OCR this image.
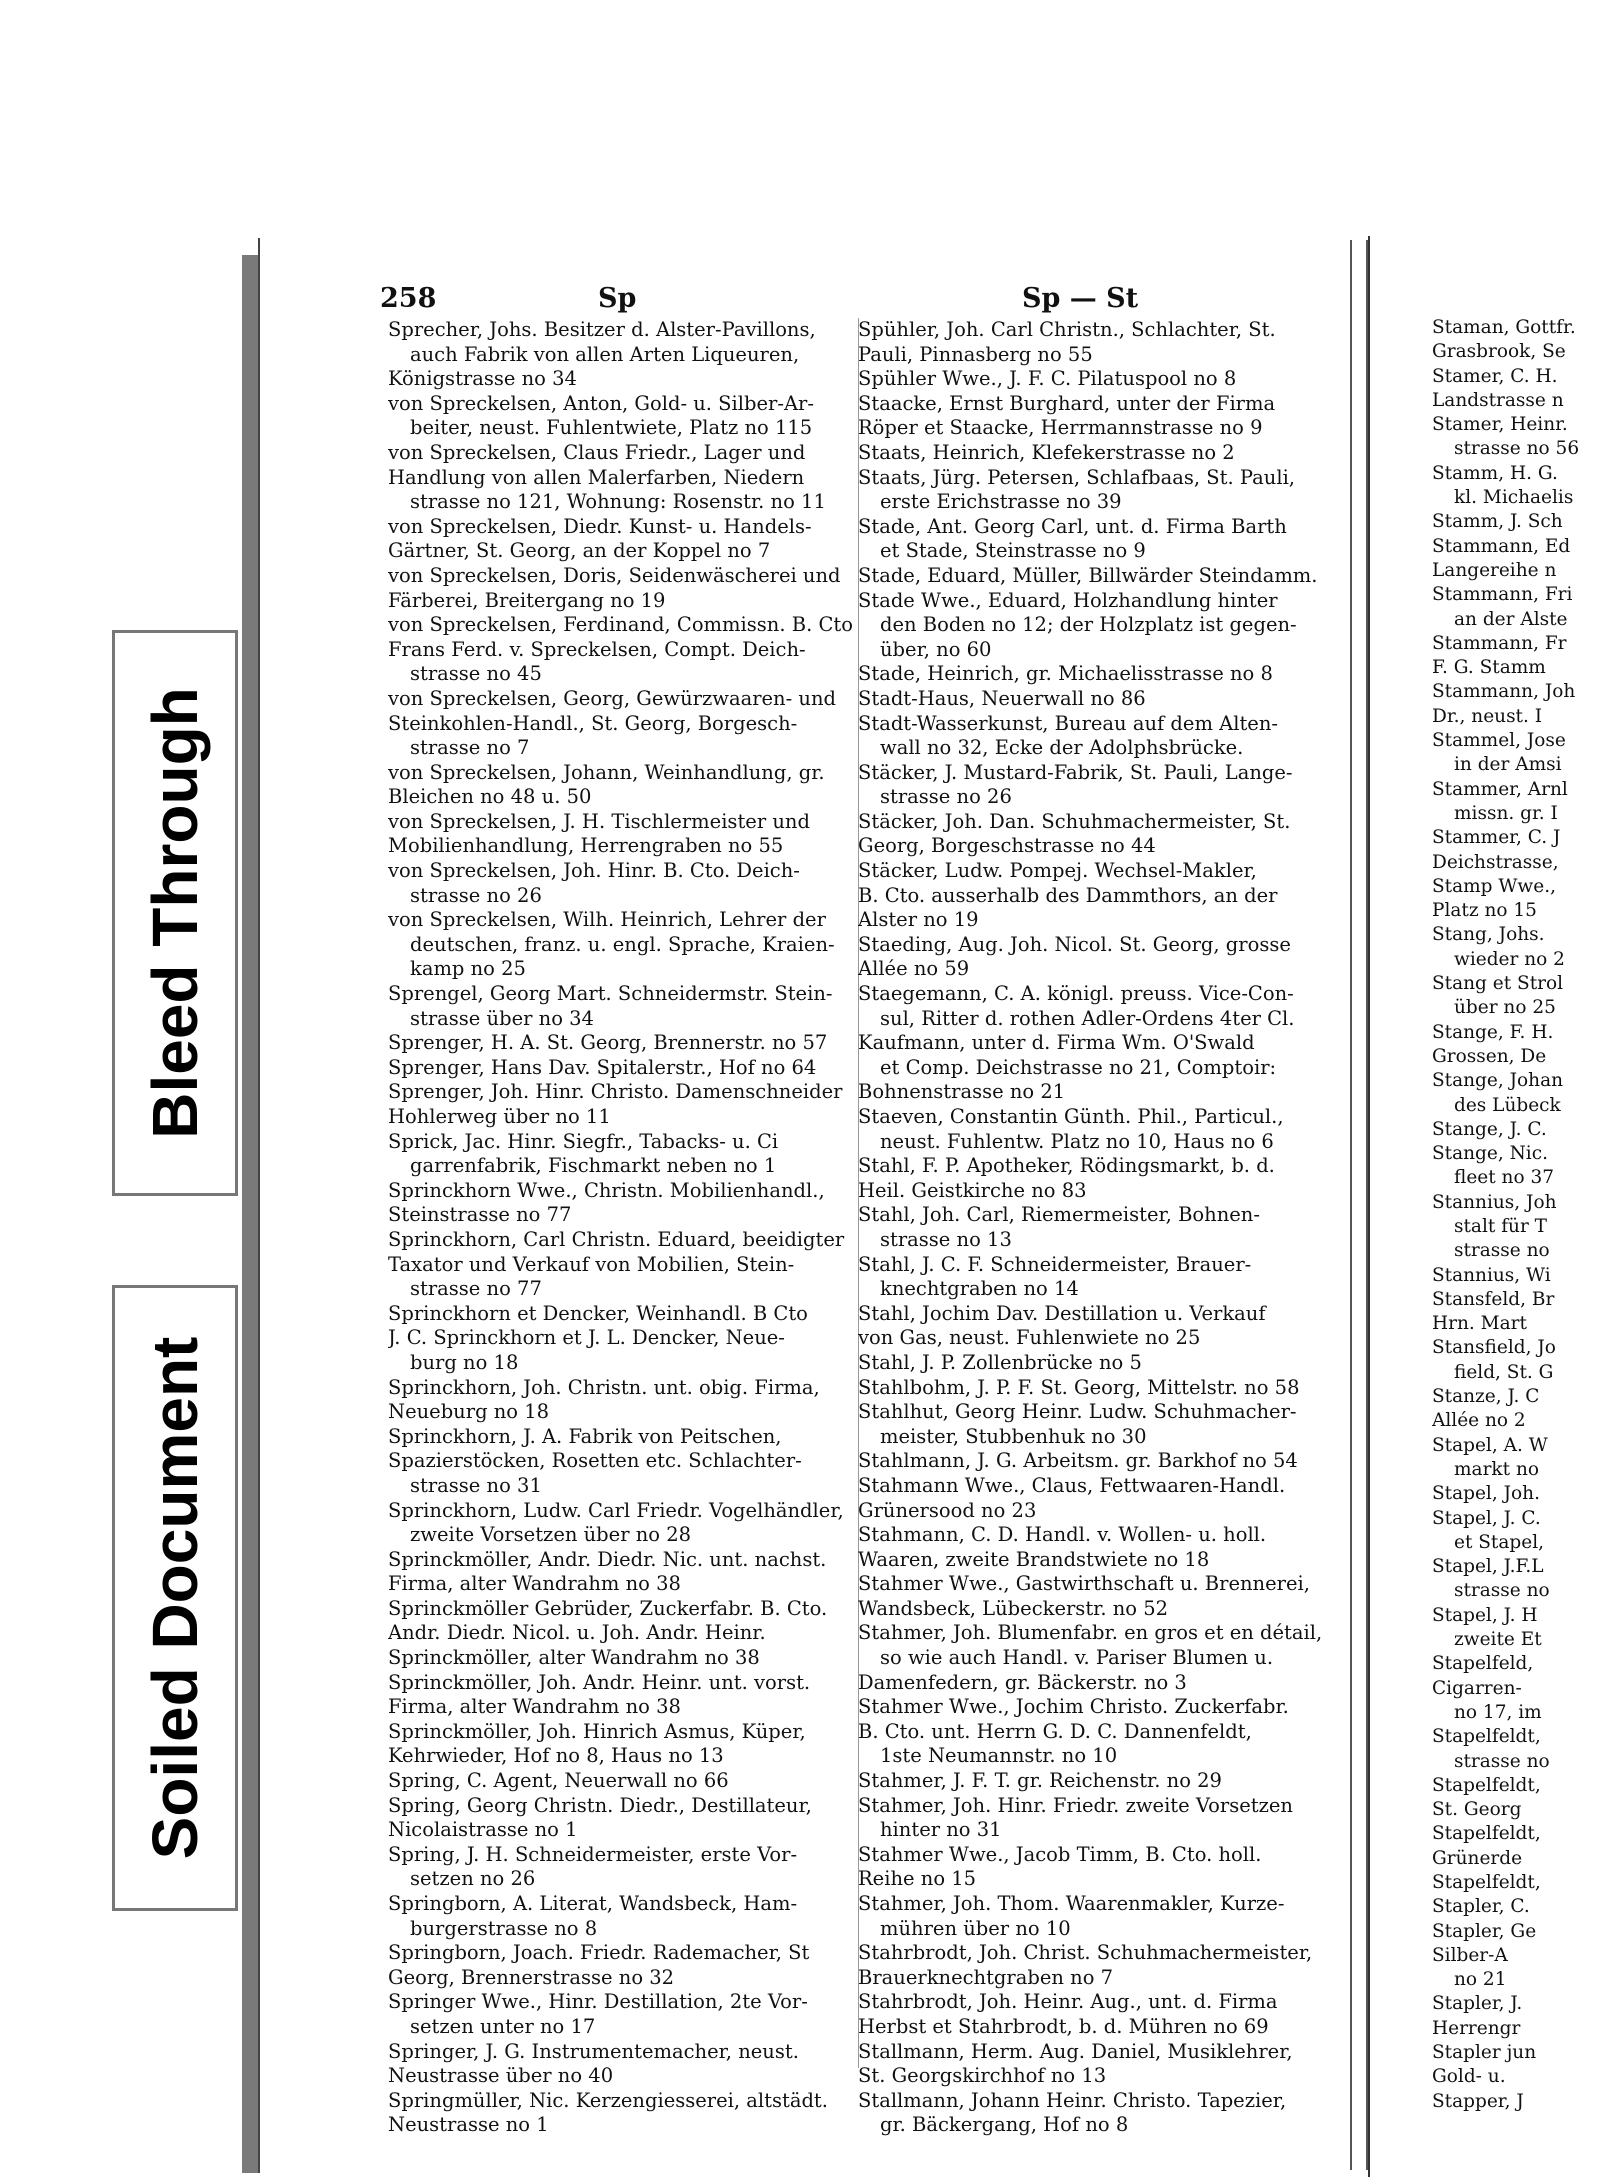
Bleed Through
Soiled Document
258	Sp	Sp — St
Sprecher, Johs. Besitzer d. Alster-Pavillons,
auch Fabrik von allen Arten Liqueuren,
Königstrasse no 34
von Spreckelsen, Anton, Gold- u. Silber-Ar-
beiter, neust. Fuhlentwiete, Platz no 115
von Spreckelsen, Claus Friedr., Lager und
Handlung von allen Malerfarben, Niedern
strasse no 121, Wohnung: Rosenstr. no 11
von Spreckelsen, Diedr. Kunst- u. Handels-
Gärtner, St. Georg, an der Koppel no 7
von Spreckelsen, Doris, Seidenwäscherei und
Färberei, Breitergang no 19
von Spreckelsen, Ferdinand, Commissn. B. Cto
Frans Ferd. v. Spreckelsen, Compt. Deich-
strasse no 45
von Spreckelsen, Georg, Gewürzwaaren- und
Steinkohlen-Handl., St. Georg, Borgesch-
strasse no 7
von Spreckelsen, Johann, Weinhandlung, gr.
Bleichen no 48 u. 50
von Spreckelsen, J. H. Tischlermeister und
Mobilienhandlung, Herrengraben no 55
von Spreckelsen, Joh. Hinr. B. Cto. Deich-
strasse no 26
von Spreckelsen, Wilh. Heinrich, Lehrer der
deutschen, franz. u. engl. Sprache, Kraien-
kamp no 25
Sprengel, Georg Mart. Schneidermstr. Stein-
strasse über no 34
Sprenger, H. A. St. Georg, Brennerstr. no 57
Sprenger, Hans Dav. Spitalerstr., Hof no 64
Sprenger, Joh. Hinr. Christo. Damenschneider
Hohlerweg über no 11
Sprick, Jac. Hinr. Siegfr., Tabacks- u. Ci
garrenfabrik, Fischmarkt neben no 1
Sprinckhorn Wwe., Christn. Mobilienhandl.,
Steinstrasse no 77
Sprinckhorn, Carl Christn. Eduard, beeidigter
Taxator und Verkauf von Mobilien, Stein-
strasse no 77
Sprinckhorn et Dencker, Weinhandl. B Cto
J. C. Sprinckhorn et J. L. Dencker, Neue-
burg no 18
Sprinckhorn, Joh. Christn. unt. obig. Firma,
Neueburg no 18
Sprinckhorn, J. A. Fabrik von Peitschen,
Spazierstöcken, Rosetten etc. Schlachter-
strasse no 31
Sprinckhorn, Ludw. Carl Friedr. Vogelhändler,
zweite Vorsetzen über no 28
Sprinckmöller, Andr. Diedr. Nic. unt. nachst.
Firma, alter Wandrahm no 38
Sprinckmöller Gebrüder, Zuckerfabr. B. Cto.
Andr. Diedr. Nicol. u. Joh. Andr. Heinr.
Sprinckmöller, alter Wandrahm no 38
Sprinckmöller, Joh. Andr. Heinr. unt. vorst.
Firma, alter Wandrahm no 38
Sprinckmöller, Joh. Hinrich Asmus, Küper,
Kehrwieder, Hof no 8, Haus no 13
Spring, C. Agent, Neuerwall no 66
Spring, Georg Christn. Diedr., Destillateur,
Nicolaistrasse no 1
Spring, J. H. Schneidermeister, erste Vor-
setzen no 26
Springborn, A. Literat, Wandsbeck, Ham-
burgerstrasse no 8
Springborn, Joach. Friedr. Rademacher, St
Georg, Brennerstrasse no 32
Springer Wwe., Hinr. Destillation, 2te Vor-
setzen unter no 17
Springer, J. G. Instrumentemacher, neust.
Neustrasse über no 40
Springmüller, Nic. Kerzengiesserei, altstädt.
Neustrasse no 1
Spühler, Joh. Carl Christn., Schlachter, St.
Pauli, Pinnasberg no 55
Spühler Wwe., J. F. C. Pilatuspool no 8
Staacke, Ernst Burghard, unter der Firma
Röper et Staacke, Herrmannstrasse no 9
Staats, Heinrich, Klefekerstrasse no 2
Staats, Jürg. Petersen, Schlafbaas, St. Pauli,
erste Erichstrasse no 39
Stade, Ant. Georg Carl, unt. d. Firma Barth
et Stade, Steinstrasse no 9
Stade, Eduard, Müller, Billwärder Steindamm.
Stade Wwe., Eduard, Holzhandlung hinter
den Boden no 12; der Holzplatz ist gegen-
über, no 60
Stade, Heinrich, gr. Michaelisstrasse no 8
Stadt-Haus, Neuerwall no 86
Stadt-Wasserkunst, Bureau auf dem Alten-
wall no 32, Ecke der Adolphsbrücke.
Stäcker, J. Mustard-Fabrik, St. Pauli, Lange-
strasse no 26
Stäcker, Joh. Dan. Schuhmachermeister, St.
Georg, Borgeschstrasse no 44
Stäcker, Ludw. Pompej. Wechsel-Makler,
B. Cto. ausserhalb des Dammthors, an der
Alster no 19
Staeding, Aug. Joh. Nicol. St. Georg, grosse
Allée no 59
Staegemann, C. A. königl. preuss. Vice-Con-
sul, Ritter d. rothen Adler-Ordens 4ter Cl.
Kaufmann, unter d. Firma Wm. O'Swald
et Comp. Deichstrasse no 21, Comptoir:
Bohnenstrasse no 21
Staeven, Constantin Günth. Phil., Particul.,
neust. Fuhlentw. Platz no 10, Haus no 6
Stahl, F. P. Apotheker, Rödingsmarkt, b. d.
Heil. Geistkirche no 83
Stahl, Joh. Carl, Riemermeister, Bohnen-
strasse no 13
Stahl, J. C. F. Schneidermeister, Brauer-
knechtgraben no 14
Stahl, Jochim Dav. Destillation u. Verkauf
von Gas, neust. Fuhlenwiete no 25
Stahl, J. P. Zollenbrücke no 5
Stahlbohm, J. P. F. St. Georg, Mittelstr. no 58
Stahlhut, Georg Heinr. Ludw. Schuhmacher-
meister, Stubbenhuk no 30
Stahlmann, J. G. Arbeitsm. gr. Barkhof no 54
Stahmann Wwe., Claus, Fettwaaren-Handl.
Grünersood no 23
Stahmann, C. D. Handl. v. Wollen- u. holl.
Waaren, zweite Brandstwiete no 18
Stahmer Wwe., Gastwirthschaft u. Brennerei,
Wandsbeck, Lübeckerstr. no 52
Stahmer, Joh. Blumenfabr. en gros et en détail,
so wie auch Handl. v. Pariser Blumen u.
Damenfedern, gr. Bäckerstr. no 3
Stahmer Wwe., Jochim Christo. Zuckerfabr.
B. Cto. unt. Herrn G. D. C. Dannenfeldt,
1ste Neumannstr. no 10
Stahmer, J. F. T. gr. Reichenstr. no 29
Stahmer, Joh. Hinr. Friedr. zweite Vorsetzen
hinter no 31
Stahmer Wwe., Jacob Timm, B. Cto. holl.
Reihe no 15
Stahmer, Joh. Thom. Waarenmakler, Kurze-
mühren über no 10
Stahrbrodt, Joh. Christ. Schuhmachermeister,
Brauerknechtgraben no 7
Stahrbrodt, Joh. Heinr. Aug., unt. d. Firma
Herbst et Stahrbrodt, b. d. Mühren no 69
Stallmann, Herm. Aug. Daniel, Musiklehrer,
St. Georgskirchhof no 13
Stallmann, Johann Heinr. Christo. Tapezier,
gr. Bäckergang, Hof no 8
Staman, Gottfr.
Grasbrook, Se
Stamer, C. H.
Landstrasse n
Stamer, Heinr.
strasse no 56
Stamm, H. G.
kl. Michaelis
Stamm, J. Sch
Stammann, Ed
Langereihe n
Stammann, Fri
an der Alste
Stammann, Fr
F. G. Stamm
Stammann, Joh
Dr., neust. I
Stammel, Jose
in der Amsi
Stammer, Arnl
missn. gr. I
Stammer, C. J
Deichstrasse,
Stamp Wwe.,
Platz no 15
Stang, Johs.
wieder no 2
Stang et Strol
über no 25
Stange, F. H.
Grossen, De
Stange, Johan
des Lübeck
Stange, J. C.
Stange, Nic.
fleet no 37
Stannius, Joh
stalt für T
strasse no
Stannius, Wi
Stansfeld, Br
Hrn. Mart
Stansfield, Jo
field, St. G
Stanze, J. C
Allée no 2
Stapel, A. W
markt no
Stapel, Joh.
Stapel, J. C.
et Stapel,
Stapel, J.F.L
strasse no
Stapel, J. H
zweite Et
Stapelfeld,
Cigarren-
no 17, im
Stapelfeldt,
strasse no
Stapelfeldt,
St. Georg
Stapelfeldt,
Grünerde
Stapelfeldt,
Stapler, C.
Stapler, Ge
Silber-A
no 21
Stapler, J.
Herrengr
Stapler jun
Gold- u.
Stapper, J
